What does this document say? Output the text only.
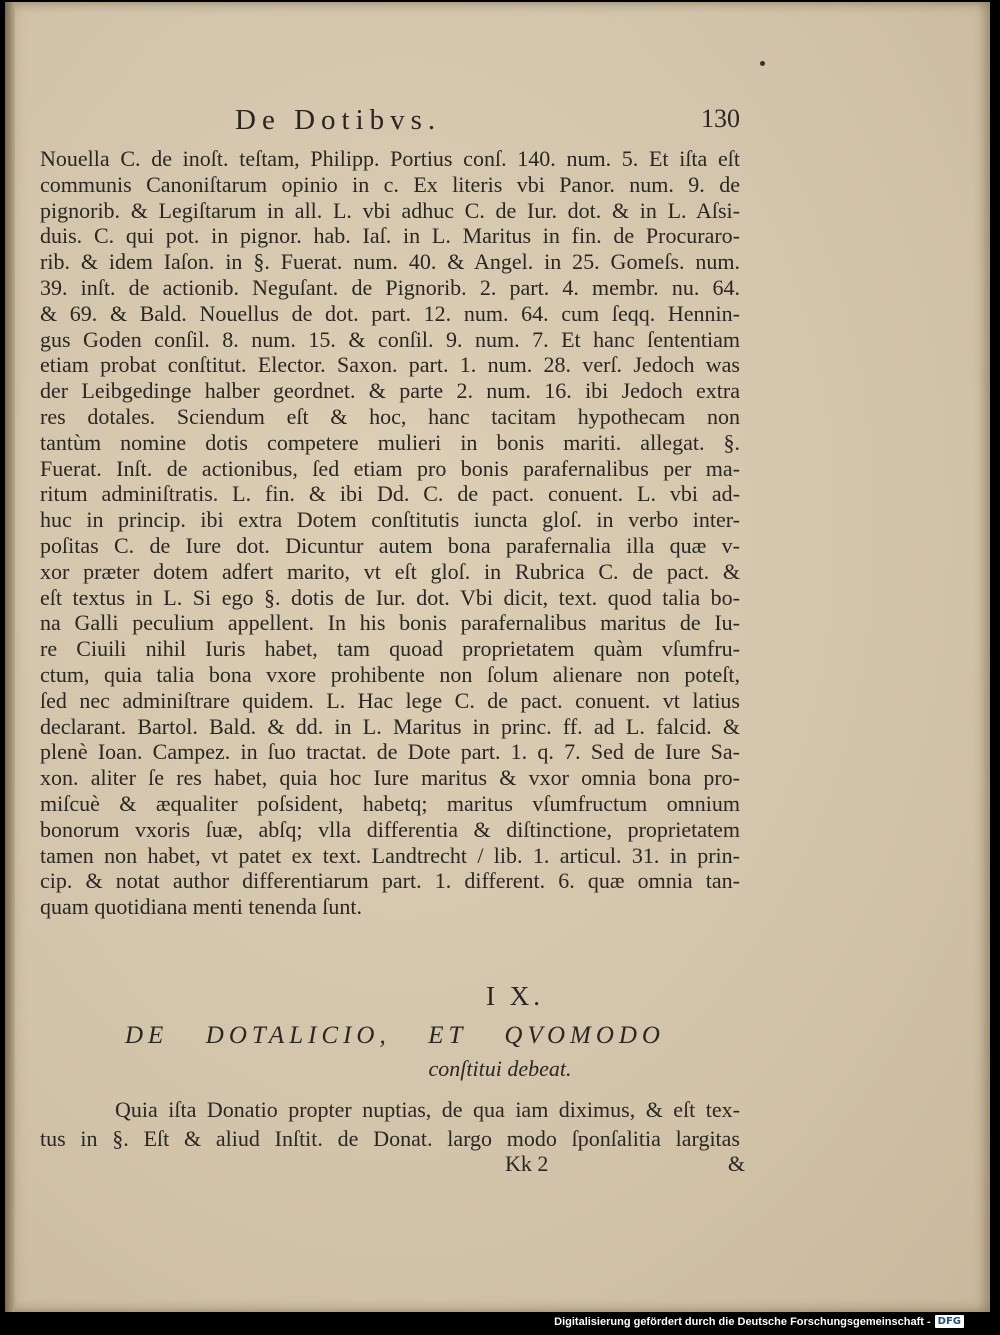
De Dotibvs.	130
Nouella C. de inoſt. teſtam, Philipp. Portius conſ. 140. num. 5. Et iſta eſt
communis Canoniſtarum opinio in c. Ex literis vbi Panor. num. 9. de
pignorib. & Legiſtarum in all. L. vbi adhuc C. de Iur. dot. & in L. Aſsi-
duis. C. qui pot. in pignor. hab. Iaſ. in L. Maritus in fin. de Procuraro-
rib. & idem Iaſon. in §. Fuerat. num. 40. & Angel. in 25. Gomeſs. num.
39. inſt. de actionib. Neguſant. de Pignorib. 2. part. 4. membr. nu. 64.
& 69. & Bald. Nouellus de dot. part. 12. num. 64. cum ſeqq. Hennin-
gus Goden conſil. 8. num. 15. & conſil. 9. num. 7. Et hanc ſententiam
etiam probat conſtitut. Elector. Saxon. part. 1. num. 28. verſ. Jedoch was
der Leibgedinge halber geordnet. & parte 2. num. 16. ibi Jedoch extra
res dotales. Sciendum eſt & hoc, hanc tacitam hypothecam non
tantùm nomine dotis competere mulieri in bonis mariti. allegat. §.
Fuerat. Inſt. de actionibus, ſed etiam pro bonis parafernalibus per ma-
ritum adminiſtratis. L. fin. & ibi Dd. C. de pact. conuent. L. vbi ad-
huc in princip. ibi extra Dotem conſtitutis iuncta gloſ. in verbo inter-
poſitas C. de Iure dot. Dicuntur autem bona parafernalia illa quæ v-
xor præter dotem adfert marito, vt eſt gloſ. in Rubrica C. de pact. &
eſt textus in L. Si ego §. dotis de Iur. dot. Vbi dicit, text. quod talia bo-
na Galli peculium appellent. In his bonis parafernalibus maritus de Iu-
re Ciuili nihil Iuris habet, tam quoad proprietatem quàm vſumfru-
ctum, quia talia bona vxore prohibente non ſolum alienare non poteſt,
ſed nec adminiſtrare quidem. L. Hac lege C. de pact. conuent. vt latius
declarant. Bartol. Bald. & dd. in L. Maritus in princ. ff. ad L. falcid. &
plenè Ioan. Campez. in ſuo tractat. de Dote part. 1. q. 7. Sed de Iure Sa-
xon. aliter ſe res habet, quia hoc Iure maritus & vxor omnia bona pro-
miſcuè & æqualiter poſsident, habetq; maritus vſumfructum omnium
bonorum vxoris ſuæ, abſq; vlla differentia & diſtinctione, proprietatem
tamen non habet, vt patet ex text. Landtrecht / lib. 1. articul. 31. in prin-
cip. & notat author differentiarum part. 1. different. 6. quæ omnia tan-
quam quotidiana menti tenenda ſunt.
I X.
DE DOTALICIO, ET QVOMODO
conſtitui debeat.
Quia iſta Donatio propter nuptias, de qua iam diximus, & eſt tex-
tus in §. Eſt & aliud Inſtit. de Donat. largo modo ſponſalitia largitas
Kk 2	&
Digitalisierung gefördert durch die Deutsche Forschungsgemeinschaft - DFG
